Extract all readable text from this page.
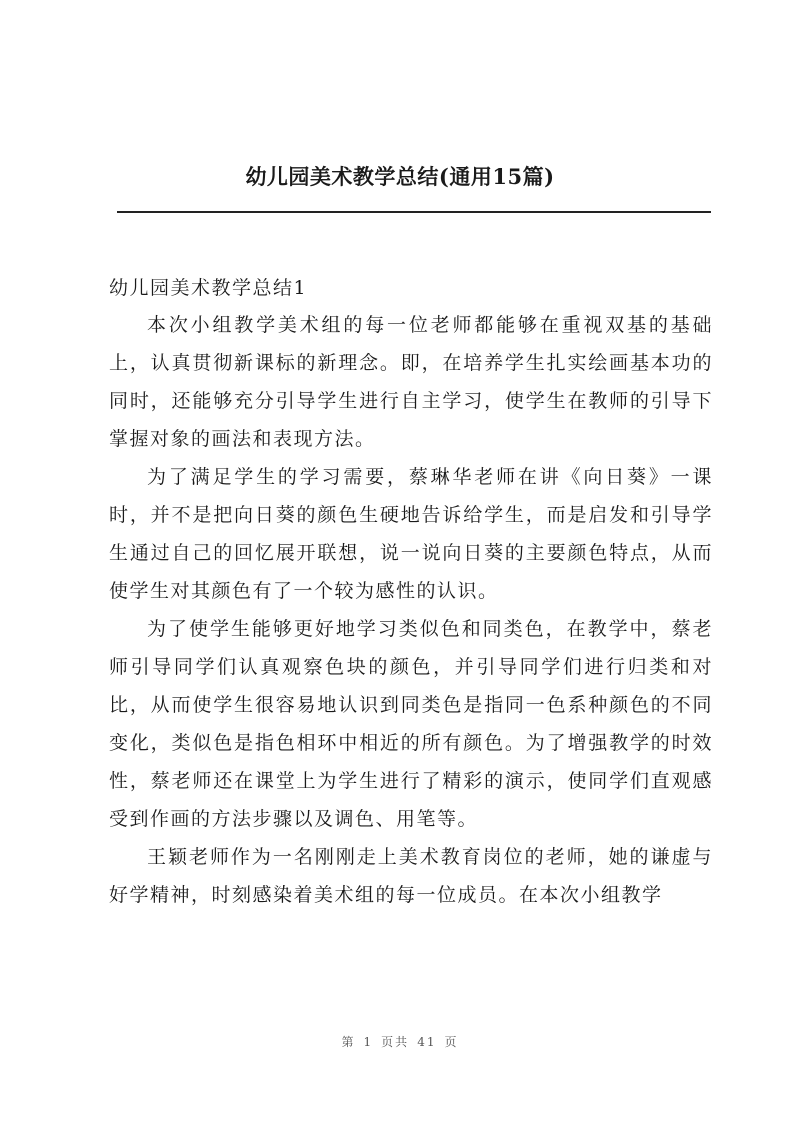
幼儿园美术教学总结(通用15篇)
幼儿园美术教学总结1

本次小组教学美术组的每一位老师都能够在重视双基的基础上，认真贯彻新课标的新理念。即，在培养学生扎实绘画基本功的同时，还能够充分引导学生进行自主学习，使学生在教师的引导下掌握对象的画法和表现方法。

为了满足学生的学习需要，蔡琳华老师在讲《向日葵》一课时，并不是把向日葵的颜色生硬地告诉给学生，而是启发和引导学生通过自己的回忆展开联想，说一说向日葵的主要颜色特点，从而使学生对其颜色有了一个较为感性的认识。

为了使学生能够更好地学习类似色和同类色，在教学中，蔡老师引导同学们认真观察色块的颜色，并引导同学们进行归类和对比，从而使学生很容易地认识到同类色是指同一色系种颜色的不同变化，类似色是指色相环中相近的所有颜色。为了增强教学的时效性，蔡老师还在课堂上为学生进行了精彩的演示，使同学们直观感受到作画的方法步骤以及调色、用笔等。

王颖老师作为一名刚刚走上美术教育岗位的老师，她的谦虚与好学精神，时刻感染着美术组的每一位成员。在本次小组教学

第 1 页共 41 页
